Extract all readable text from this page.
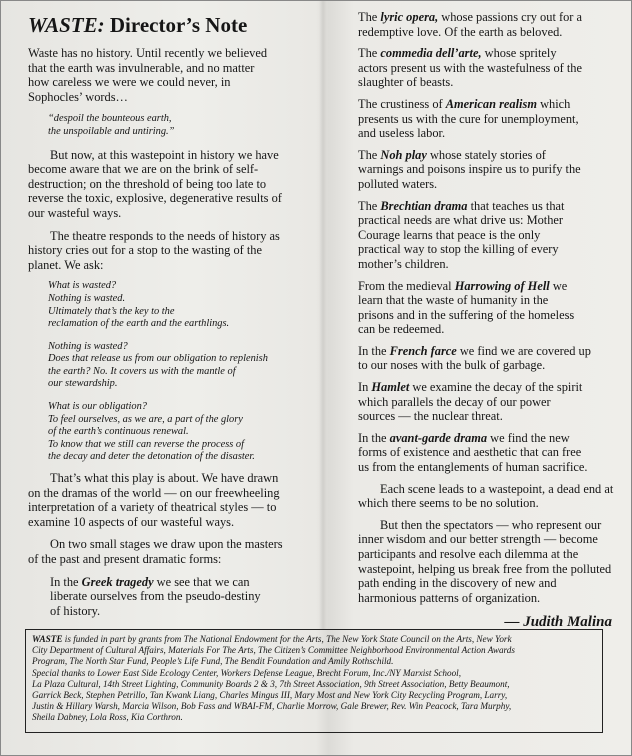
WASTE: Director’s Note

Waste has no history. Until recently we believed
that the earth was invulnerable, and no matter
how careless we were we could never, in
Sophocles’ words…

“despoil the bounteous earth,
the unspoilable and untiring.”

But now, at this wastepoint in history we have
become aware that we are on the brink of self-
destruction; on the threshold of being too late to
reverse the toxic, explosive, degenerative results of
our wasteful ways.

The theatre responds to the needs of history as
history cries out for a stop to the wasting of the
planet. We ask:

What is wasted?
Nothing is wasted.
Ultimately that’s the key to the
reclamation of the earth and the earthlings.
Nothing is wasted?
Does that release us from our obligation to replenish
the earth? No. It covers us with the mantle of
our stewardship.
What is our obligation?
To feel ourselves, as we are, a part of the glory
of the earth’s continuous renewal.
To know that we still can reverse the process of
the decay and deter the detonation of the disaster.

That’s what this play is about. We have drawn
on the dramas of the world — on our freewheeling
interpretation of a variety of theatrical styles — to
examine 10 aspects of our wasteful ways.

On two small stages we draw upon the masters
of the past and present dramatic forms:

In the Greek tragedy we see that we can
liberate ourselves from the pseudo-destiny
of history.

The lyric opera, whose passions cry out for a
redemptive love. Of the earth as beloved.

The commedia dell’arte, whose spritely
actors present us with the wastefulness of the
slaughter of beasts.

The crustiness of American realism which
presents us with the cure for unemployment,
and useless labor.

The Noh play whose stately stories of
warnings and poisons inspire us to purify the
polluted waters.

The Brechtian drama that teaches us that
practical needs are what drive us: Mother
Courage learns that peace is the only
practical way to stop the killing of every
mother’s children.

From the medieval Harrowing of Hell we
learn that the waste of humanity in the
prisons and in the suffering of the homeless
can be redeemed.

In the French farce we find we are covered up
to our noses with the bulk of garbage.

In Hamlet we examine the decay of the spirit
which parallels the decay of our power
sources — the nuclear threat.

In the avant-garde drama we find the new
forms of existence and aesthetic that can free
us from the entanglements of human sacrifice.

Each scene leads to a wastepoint, a dead end at
which there seems to be no solution.

But then the spectators — who represent our
inner wisdom and our better strength — become
participants and resolve each dilemma at the
wastepoint, helping us break free from the polluted
path ending in the discovery of new and
harmonious patterns of organization.

— Judith Malina
WASTE is funded in part by grants from The National Endowment for the Arts, The New York State Council on the Arts, New York
City Department of Cultural Affairs, Materials For The Arts, The Citizen’s Committee Neighborhood Environmental Action Awards
Program, The North Star Fund, People’s Life Fund, The Bendit Foundation and Amily Rothschild.
Special thanks to Lower East Side Ecology Center, Workers Defense League, Brecht Forum, Inc./NY Marxist School,
La Plaza Cultural, 14th Street Lighting, Community Boards 2 & 3, 7th Street Association, 9th Street Association, Betty Beaumont,
Garrick Beck, Stephen Petrillo, Tan Kwank Liang, Charles Mingus III, Mary Most and New York City Recycling Program, Larry,
Justin & Hillary Warsh, Marcia Wilson, Bob Fass and WBAI-FM, Charlie Morrow, Gale Brewer, Rev. Win Peacock, Tara Murphy,
Sheila Dabney, Lola Ross, Kia Corthron.
